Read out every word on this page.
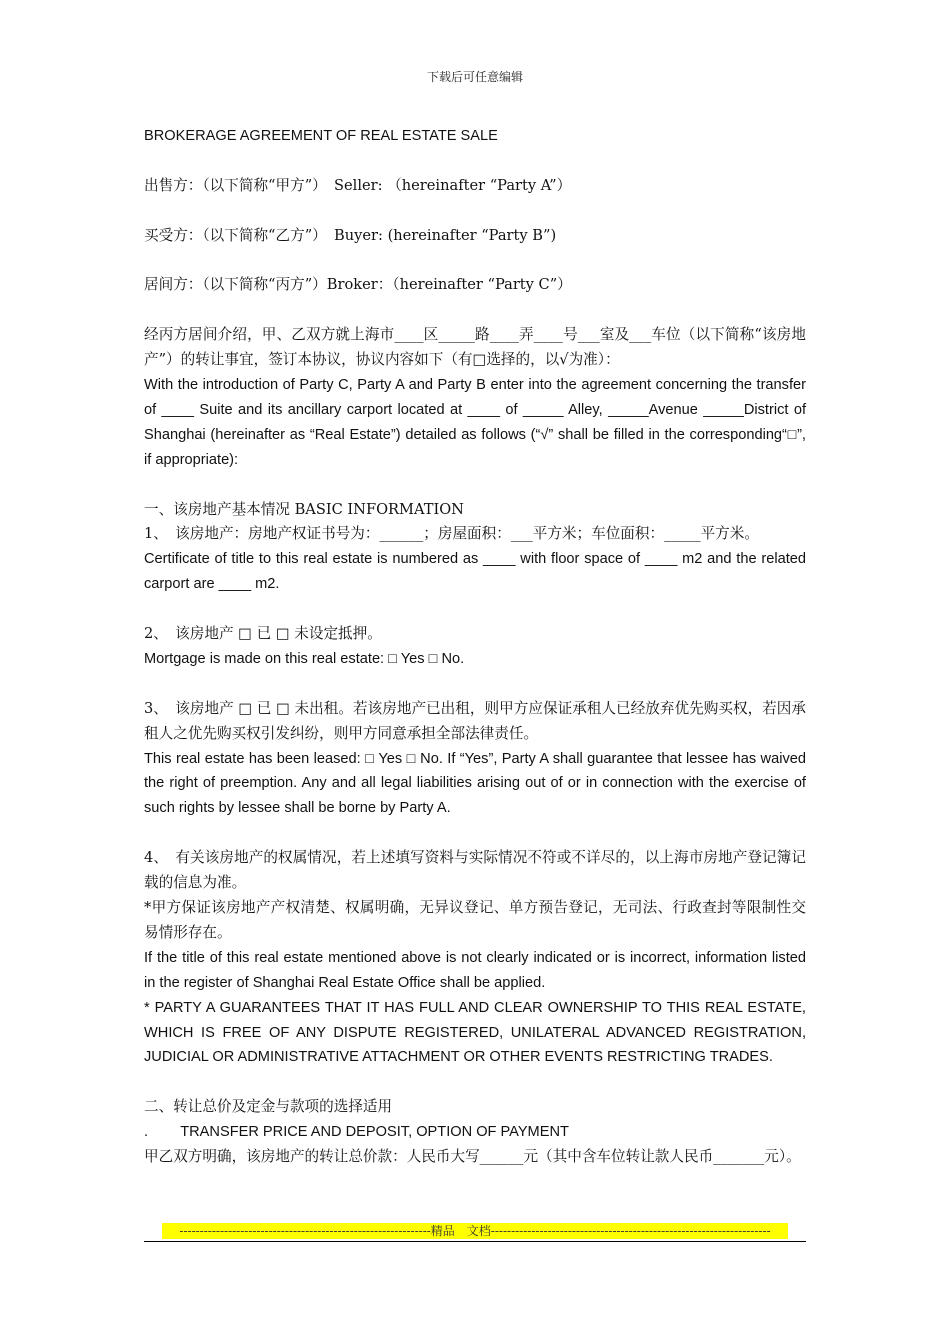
下载后可任意编辑

BROKERAGE AGREEMENT OF REAL ESTATE SALE

出售方：（以下简称“甲方”）　Seller: （hereinafter “Party A”）

买受方：（以下简称“乙方”）　Buyer: (hereinafter “Party B”)

居间方：（以下简称“丙方”）Broker：（hereinafter “Party C”）

经丙方居间介绍，甲、乙双方就上海市____区_____路____弄____号___室及___车位（以下简称“该房地产”）的转让事宜，签订本协议，协议内容如下（有□选择的，以√为准）：

With the introduction of Party C, Party A and Party B enter into the agreement concerning the transfer of ____ Suite and its ancillary carport located at ____ of _____ Alley, _____Avenue _____District of Shanghai (hereinafter as “Real Estate”) detailed as follows (“√” shall be filled in the corresponding“□”, if appropriate):

一、该房地产基本情况 BASIC INFORMATION

1、　该房地产：房地产权证书号为：______；房屋面积：___平方米；车位面积：_____平方米。

Certificate of title to this real estate is numbered as ____ with floor space of ____ m2 and the related carport are ____ m2.

2、　该房地产 □ 已 □ 未设定抵押。

Mortgage is made on this real estate: □ Yes □ No.

3、　该房地产 □ 已 □ 未出租。若该房地产已出租，则甲方应保证承租人已经放弃优先购买权，若因承租人之优先购买权引发纠纷，则甲方同意承担全部法律责任。

This real estate has been leased: □ Yes □ No. If “Yes”, Party A shall guarantee that lessee has waived the right of preemption. Any and all legal liabilities arising out of or in connection with the exercise of such rights by lessee shall be borne by Party A.

4、　有关该房地产的权属情况，若上述填写资料与实际情况不符或不详尽的，以上海市房地产登记簿记载的信息为准。

*甲方保证该房地产产权清楚、权属明确，无异议登记、单方预告登记，无司法、行政查封等限制性交易情形存在。

If the title of this real estate mentioned above is not clearly indicated or is incorrect, information listed in the register of Shanghai Real Estate Office shall be applied.

* PARTY A GUARANTEES THAT IT HAS FULL AND CLEAR OWNERSHIP TO THIS REAL ESTATE, WHICH IS FREE OF ANY DISPUTE REGISTERED, UNILATERAL ADVANCED REGISTRATION, JUDICIAL OR ADMINISTRATIVE ATTACHMENT OR OTHER EVENTS RESTRICTING TRADES.

二、转让总价及定金与款项的选择适用

.        TRANSFER PRICE AND DEPOSIT, OPTION OF PAYMENT

甲乙双方明确，该房地产的转让总价款：人民币大写______元（其中含车位转让款人民币_______元）。

--------------------------------------------------------------精品　文档---------------------------------------------------------------------
